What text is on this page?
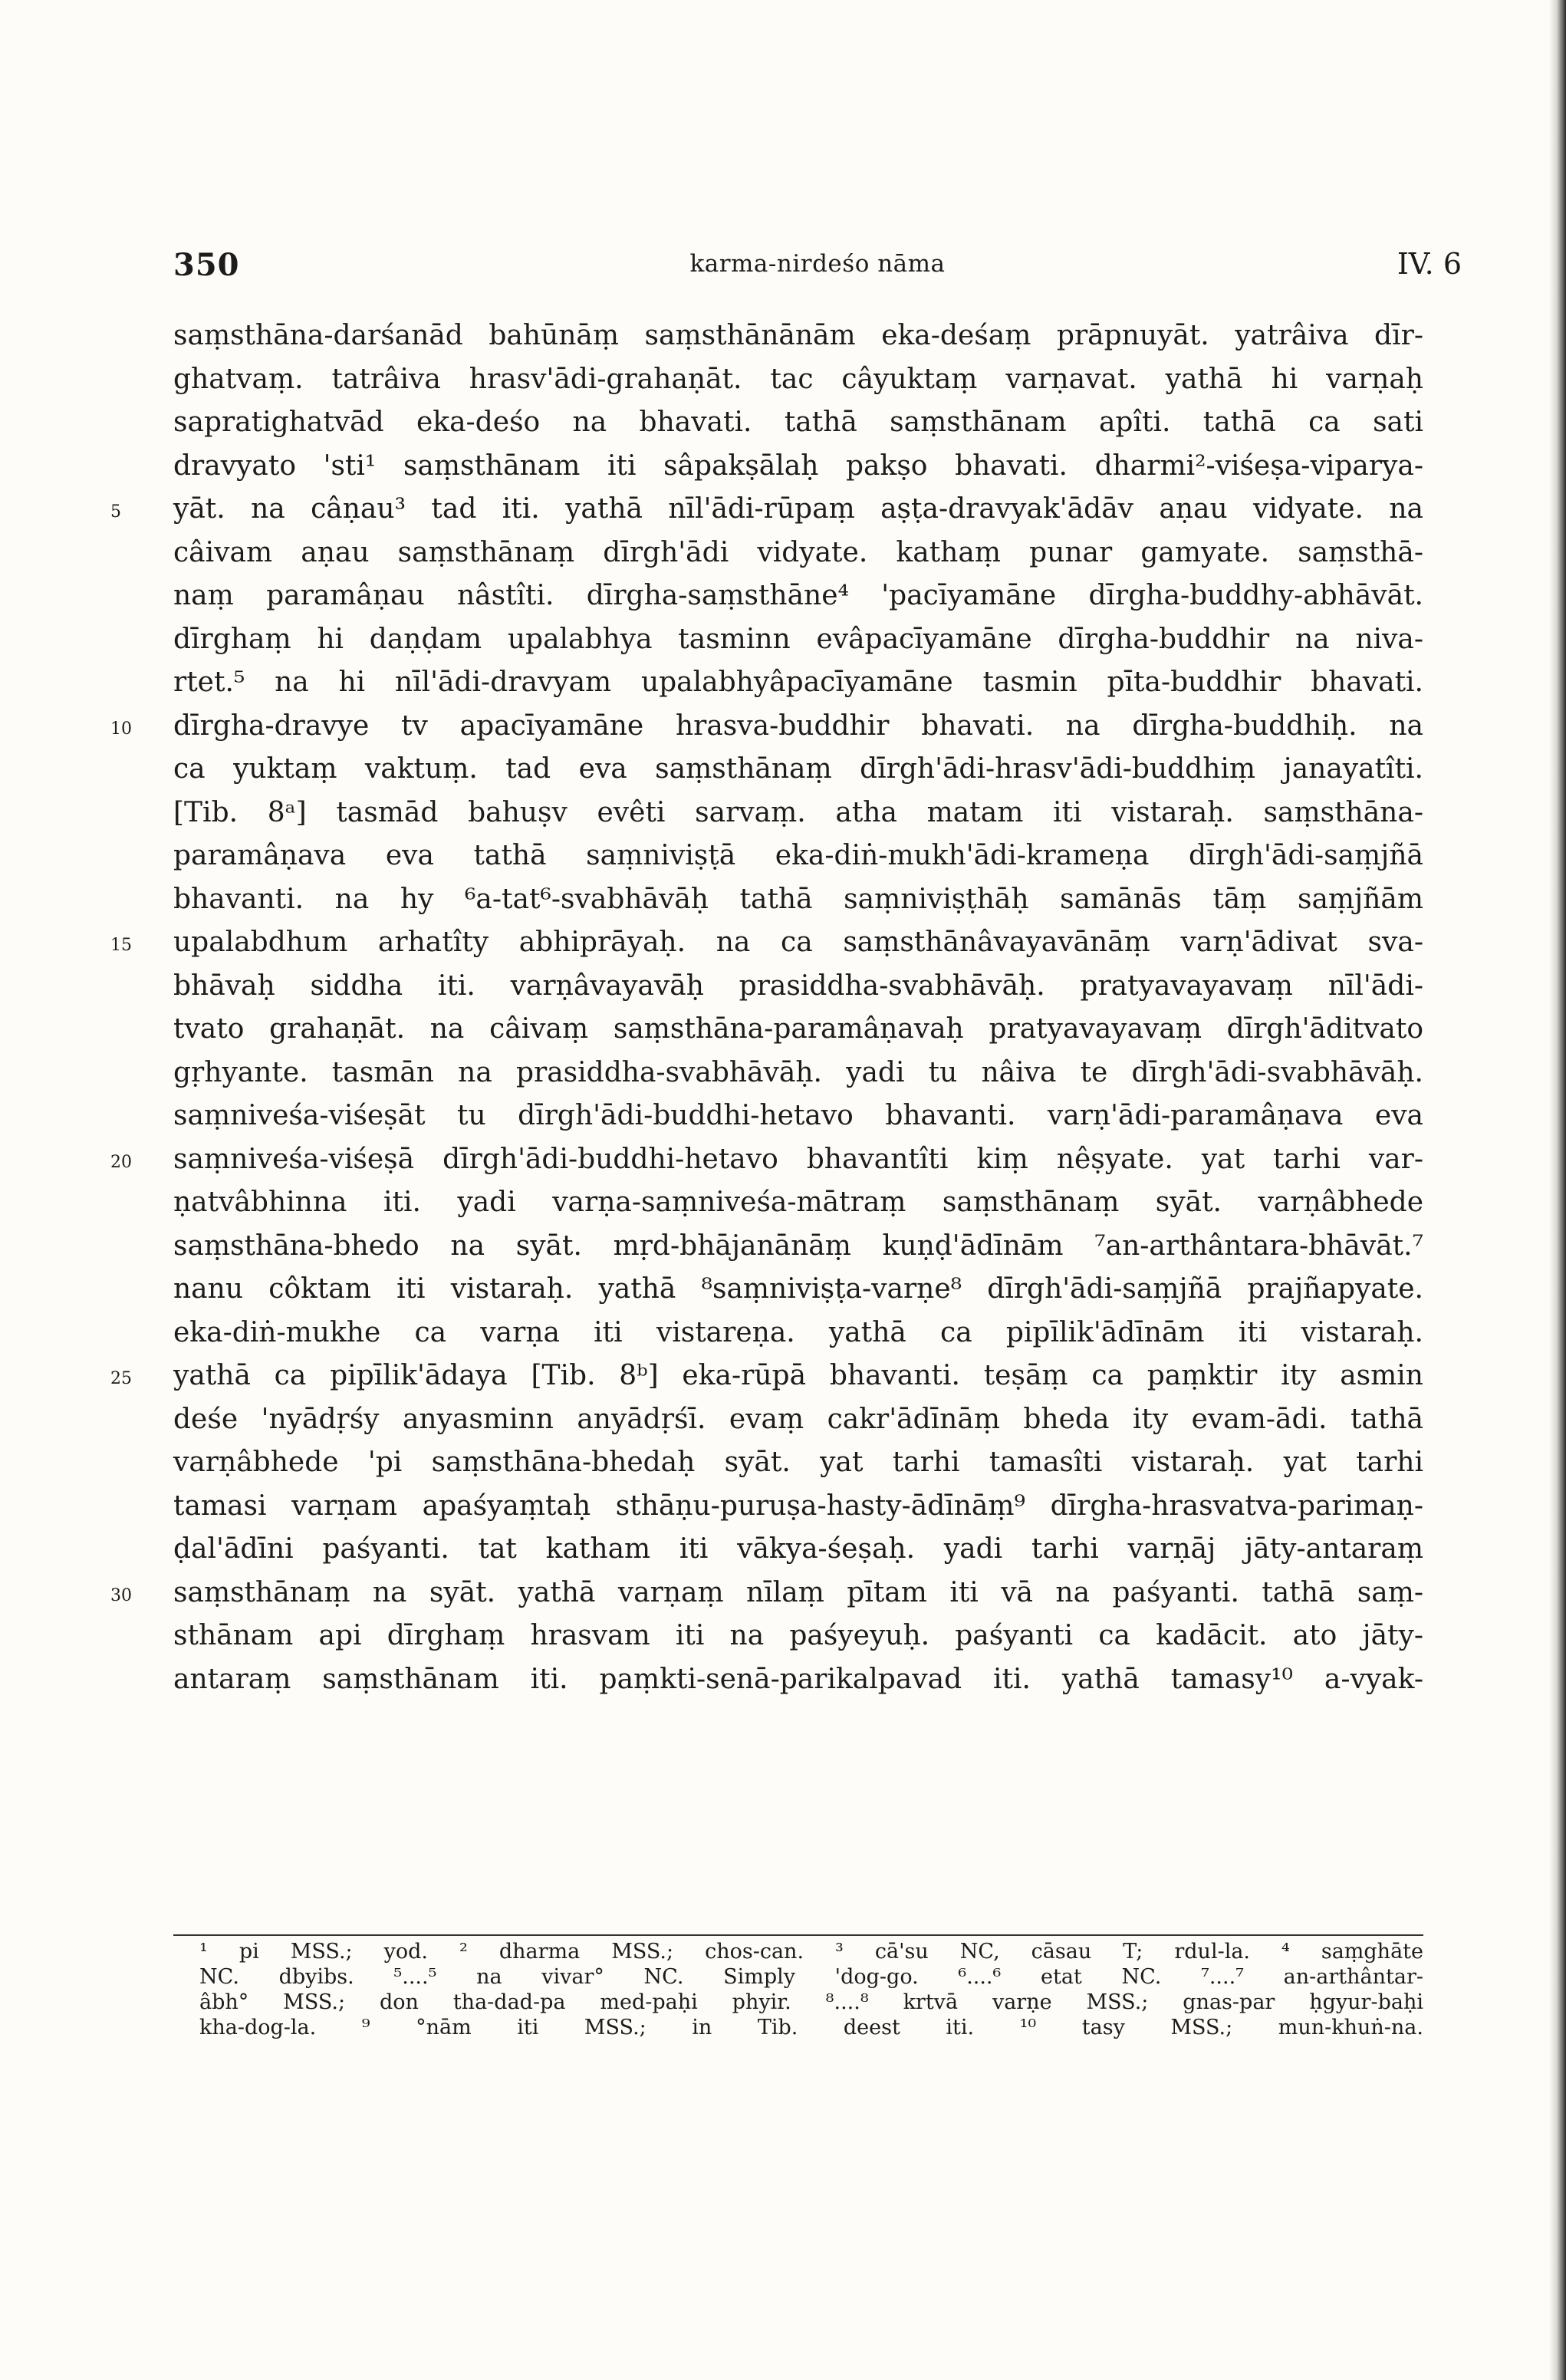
350	karma-nirdeśo nāma	IV. 6
saṃsthāna-darśanād bahūnāṃ saṃsthānānām eka-deśaṃ prāpnuyāt. yatrâiva dīr-
ghatvaṃ. tatrâiva hrasv'ādi-grahaṇāt. tac câyuktaṃ varṇavat. yathā hi varṇaḥ
sapratighatvād eka-deśo na bhavati. tathā saṃsthānam apîti. tathā ca sati
dravyato 'sti¹ saṃsthānam iti sâpakṣālaḥ pakṣo bhavati. dharmi²-viśeṣa-viparya-
5	yāt. na câṇau³ tad iti. yathā nīl'ādi-rūpaṃ aṣṭa-dravyak'ādāv aṇau vidyate. na
câivam aṇau saṃsthānaṃ dīrgh'ādi vidyate. kathaṃ punar gamyate. saṃsthā-
naṃ paramâṇau nâstîti. dīrgha-saṃsthāne⁴ 'pacīyamāne dīrgha-buddhy-abhāvāt.
dīrghaṃ hi daṇḍam upalabhya tasminn evâpacīyamāne dīrgha-buddhir na niva-
rtet.⁵ na hi nīl'ādi-dravyam upalabhyâpacīyamāne tasmin pīta-buddhir bhavati.
10	dīrgha-dravye tv apacīyamāne hrasva-buddhir bhavati. na dīrgha-buddhiḥ. na
ca yuktaṃ vaktuṃ. tad eva saṃsthānaṃ dīrgh'ādi-hrasv'ādi-buddhiṃ janayatîti.
[Tib. 8ᵃ] tasmād bahuṣv evêti sarvaṃ. atha matam iti vistaraḥ. saṃsthāna-
paramâṇava eva tathā saṃniviṣṭā eka-diṅ-mukh'ādi-krameṇa dīrgh'ādi-saṃjñā
bhavanti. na hy ⁶a-tat⁶-svabhāvāḥ tathā saṃniviṣṭhāḥ samānās tāṃ saṃjñām
15	upalabdhum arhatîty abhiprāyaḥ. na ca saṃsthānâvayavānāṃ varṇ'ādivat sva-
bhāvaḥ siddha iti. varṇâvayavāḥ prasiddha-svabhāvāḥ. pratyavayavaṃ nīl'ādi-
tvato grahaṇāt. na câivaṃ saṃsthāna-paramâṇavaḥ pratyavayavaṃ dīrgh'āditvato
gṛhyante. tasmān na prasiddha-svabhāvāḥ. yadi tu nâiva te dīrgh'ādi-svabhāvāḥ.
saṃniveśa-viśeṣāt tu dīrgh'ādi-buddhi-hetavo bhavanti. varṇ'ādi-paramâṇava eva
20	saṃniveśa-viśeṣā dīrgh'ādi-buddhi-hetavo bhavantîti kiṃ nêṣyate. yat tarhi var-
ṇatvâbhinna iti. yadi varṇa-saṃniveśa-mātraṃ saṃsthānaṃ syāt. varṇâbhede
saṃsthāna-bhedo na syāt. mṛd-bhājanānāṃ kuṇḍ'ādīnām ⁷an-arthântara-bhāvāt.⁷
nanu côktam iti vistaraḥ. yathā ⁸saṃniviṣṭa-varṇe⁸ dīrgh'ādi-saṃjñā prajñapyate.
eka-diṅ-mukhe ca varṇa iti vistareṇa. yathā ca pipīlik'ādīnām iti vistaraḥ.
25	yathā ca pipīlik'ādaya [Tib. 8ᵇ] eka-rūpā bhavanti. teṣāṃ ca paṃktir ity asmin
deśe 'nyādṛśy anyasminn anyādṛśī. evaṃ cakr'ādīnāṃ bheda ity evam-ādi. tathā
varṇâbhede 'pi saṃsthāna-bhedaḥ syāt. yat tarhi tamasîti vistaraḥ. yat tarhi
tamasi varṇam apaśyaṃtaḥ sthāṇu-puruṣa-hasty-ādīnāṃ⁹ dīrgha-hrasvatva-parimaṇ-
ḍal'ādīni paśyanti. tat katham iti vākya-śeṣaḥ. yadi tarhi varṇāj jāty-antaraṃ
30	saṃsthānaṃ na syāt. yathā varṇaṃ nīlaṃ pītam iti vā na paśyanti. tathā saṃ-
sthānam api dīrghaṃ hrasvam iti na paśyeyuḥ. paśyanti ca kadācit. ato jāty-
antaraṃ saṃsthānam iti. paṃkti-senā-parikalpavad iti. yathā tamasy¹⁰ a-vyak-
¹ pi MSS.; yod. ² dharma MSS.; chos-can. ³ cā'su NC, cāsau T; rdul-la. ⁴ saṃghāte
NC. dbyibs. ⁵....⁵ na vivar° NC. Simply 'dog-go. ⁶....⁶ etat NC. ⁷....⁷ an-arthântar-
âbh° MSS.; don tha-dad-pa med-paḥi phyir. ⁸....⁸ krtvā varṇe MSS.; gnas-par ḥgyur-baḥi
kha-dog-la. ⁹ °nām iti MSS.; in Tib. deest iti. ¹⁰ tasy MSS.; mun-khuṅ-na.
